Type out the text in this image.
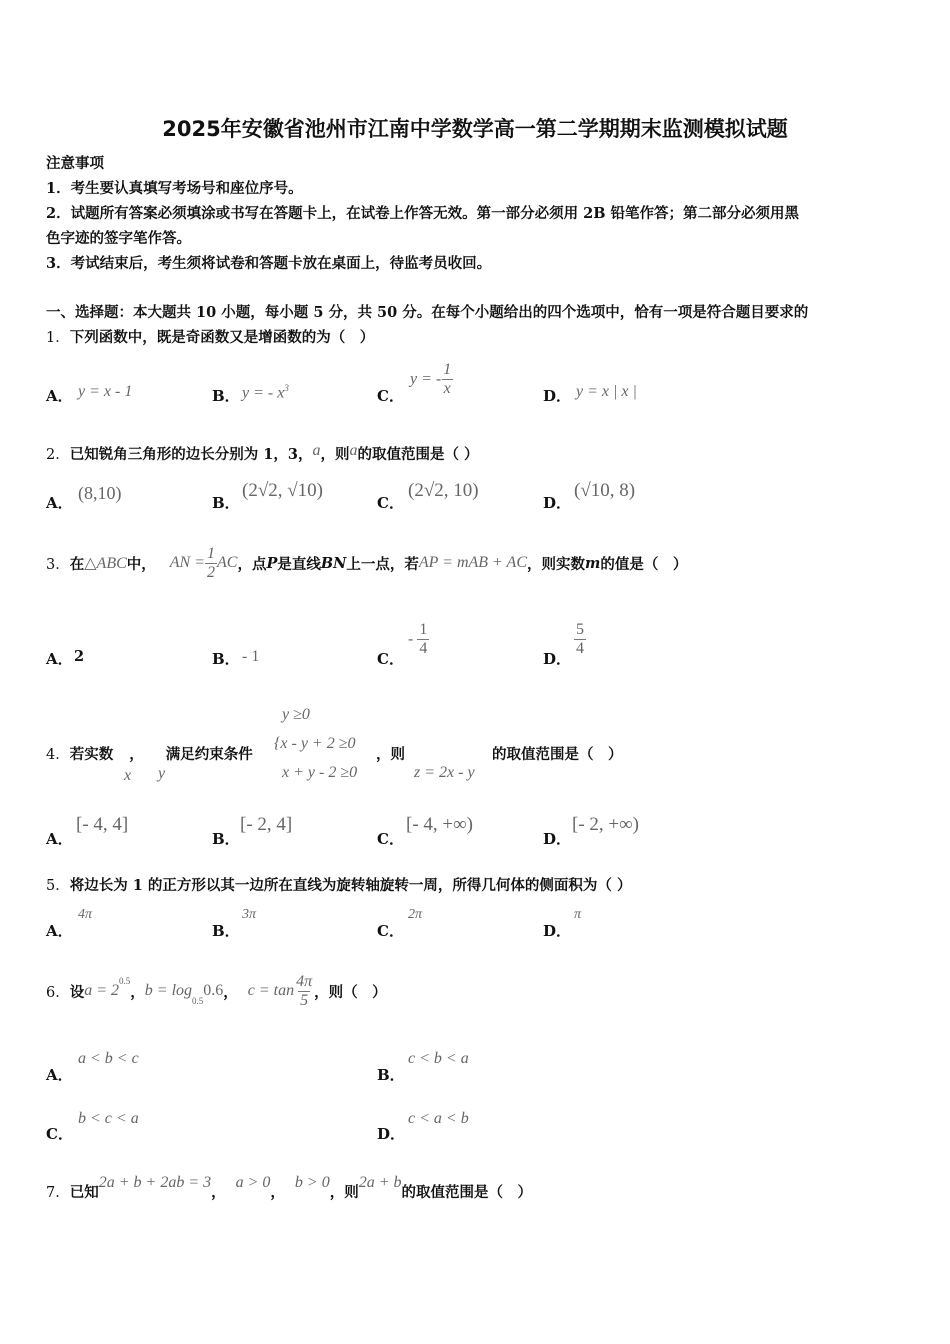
2025年安徽省池州市江南中学数学高一第二学期期末监测模拟试题
注意事项
1．考生要认真填写考场号和座位序号。
2．试题所有答案必须填涂或书写在答题卡上，在试卷上作答无效。第一部分必须用 2B 铅笔作答；第二部分必须用黑
色字迹的签字笔作答。
3．考试结束后，考生须将试卷和答题卡放在桌面上，待监考员收回。
一、选择题：本大题共 10 小题，每小题 5 分，共 50 分。在每个小题给出的四个选项中，恰有一项是符合题目要求的
1．下列函数中，既是奇函数又是增函数的为（　）
A． y = x - 1	B． y = - $x^3$	C．
y = - $\frac{1}{x}$	D． y = x | x |
2．已知锐角三角形的边长分别为 1，3，a，则a的取值范围是（ ）
A． (8,10)	B．
(2√2, √10)
C．
(2√2, 10)
D．
(√10, 8)
3． 在 △ABC 中， AN = $\frac{1}{2}$ AC ，点 P 是直线 BN 上一点，若 AP = mAB + AC ，则实数 m 的值是（　）
A． 2	B． - 1	C．
- $\frac{1}{4}$
D．
$\frac{5}{4}$
4．若实数 ， 满足约束条件
x y
y ≥0
{x - y + 2 ≥0
x + y - 2 ≥0
，则
z = 2x - y
的取值范围是（　）
A．
[- 4, 4]
B．
[- 2, 4]
C．
[- 4, +∞)
D．
[- 2, +∞)
5．将边长为 1 的正方形以其一边所在直线为旋转轴旋转一周，所得几何体的侧面积为（ ）
A．
4π
B．
3π
C．
2π
D．
π
6． 设 a = 2
$^{0.5}$
， b = log
$_{0.5}$
0.6 ， $c = \tan \frac{4\pi}{5}$ ，则（　）
A．
a < b < c
B．
c < b < a
C．
b < c < a
D．
c < a < b
7．已知2a + b + 2ab = 3，a > 0，b > 0，则2a + b的取值范围是（　）
